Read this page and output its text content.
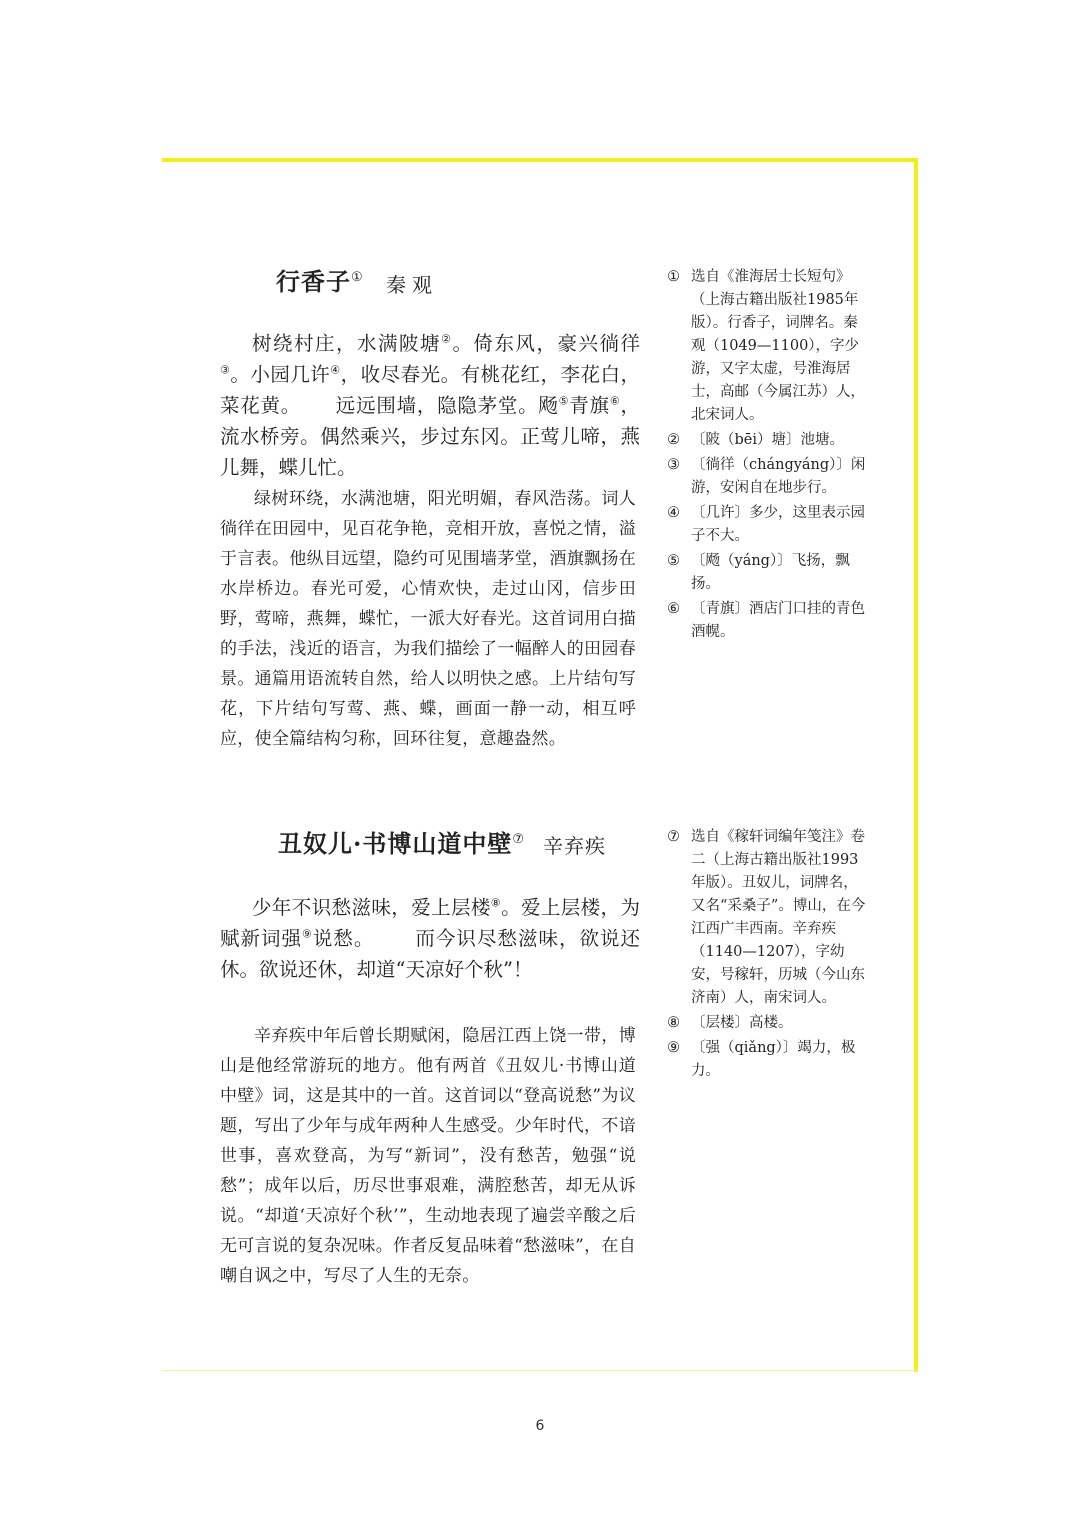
行香子① 秦观

树绕村庄，水满陂塘②。倚东风，豪兴徜徉③。小园几许④，收尽春光。有桃花红，李花白，菜花黄。 远远围墙，隐隐茅堂。飏⑤青旗⑥，流水桥旁。偶然乘兴，步过东冈。正莺儿啼，燕儿舞，蝶儿忙。

绿树环绕，水满池塘，阳光明媚，春风浩荡。词人徜徉在田园中，见百花争艳，竞相开放，喜悦之情，溢于言表。他纵目远望，隐约可见围墙茅堂，酒旗飘扬在水岸桥边。春光可爱，心情欢快，走过山冈，信步田野，莺啼，燕舞，蝶忙，一派大好春光。这首词用白描的手法，浅近的语言，为我们描绘了一幅醉人的田园春景。通篇用语流转自然，给人以明快之感。上片结句写花，下片结句写莺、燕、蝶，画面一静一动，相互呼应，使全篇结构匀称，回环往复，意趣盎然。

① 选自《淮海居士长短句》（上海古籍出版社1985年版）。行香子，词牌名。秦观（1049—1100），字少游，又字太虚，号淮海居士，高邮（今属江苏）人，北宋词人。
② 〔陂（bēi）塘〕池塘。
③ 〔徜徉（chángyáng）〕闲游，安闲自在地步行。
④ 〔几许〕多少，这里表示园子不大。
⑤ 〔飏（yáng）〕飞扬，飘扬。
⑥ 〔青旗〕酒店门口挂的青色酒幌。
丑奴儿·书博山道中壁⑦ 辛弃疾

少年不识愁滋味，爱上层楼⑧。爱上层楼，为赋新词强⑨说愁。 而今识尽愁滋味，欲说还休。欲说还休，却道“天凉好个秋”！

辛弃疾中年后曾长期赋闲，隐居江西上饶一带，博山是他经常游玩的地方。他有两首《丑奴儿·书博山道中壁》词，这是其中的一首。这首词以“登高说愁”为议题，写出了少年与成年两种人生感受。少年时代，不谙世事，喜欢登高，为写“新词”，没有愁苦，勉强“说愁”；成年以后，历尽世事艰难，满腔愁苦，却无从诉说。“却道‘天凉好个秋’”，生动地表现了遍尝辛酸之后无可言说的复杂况味。作者反复品味着“愁滋味”，在自嘲自讽之中，写尽了人生的无奈。

⑦ 选自《稼轩词编年笺注》卷二（上海古籍出版社1993年版）。丑奴儿，词牌名，又名“采桑子”。博山，在今江西广丰西南。辛弃疾（1140—1207），字幼安，号稼轩，历城（今山东济南）人，南宋词人。
⑧ 〔层楼〕高楼。
⑨ 〔强（qiǎng）〕竭力，极力。
6
